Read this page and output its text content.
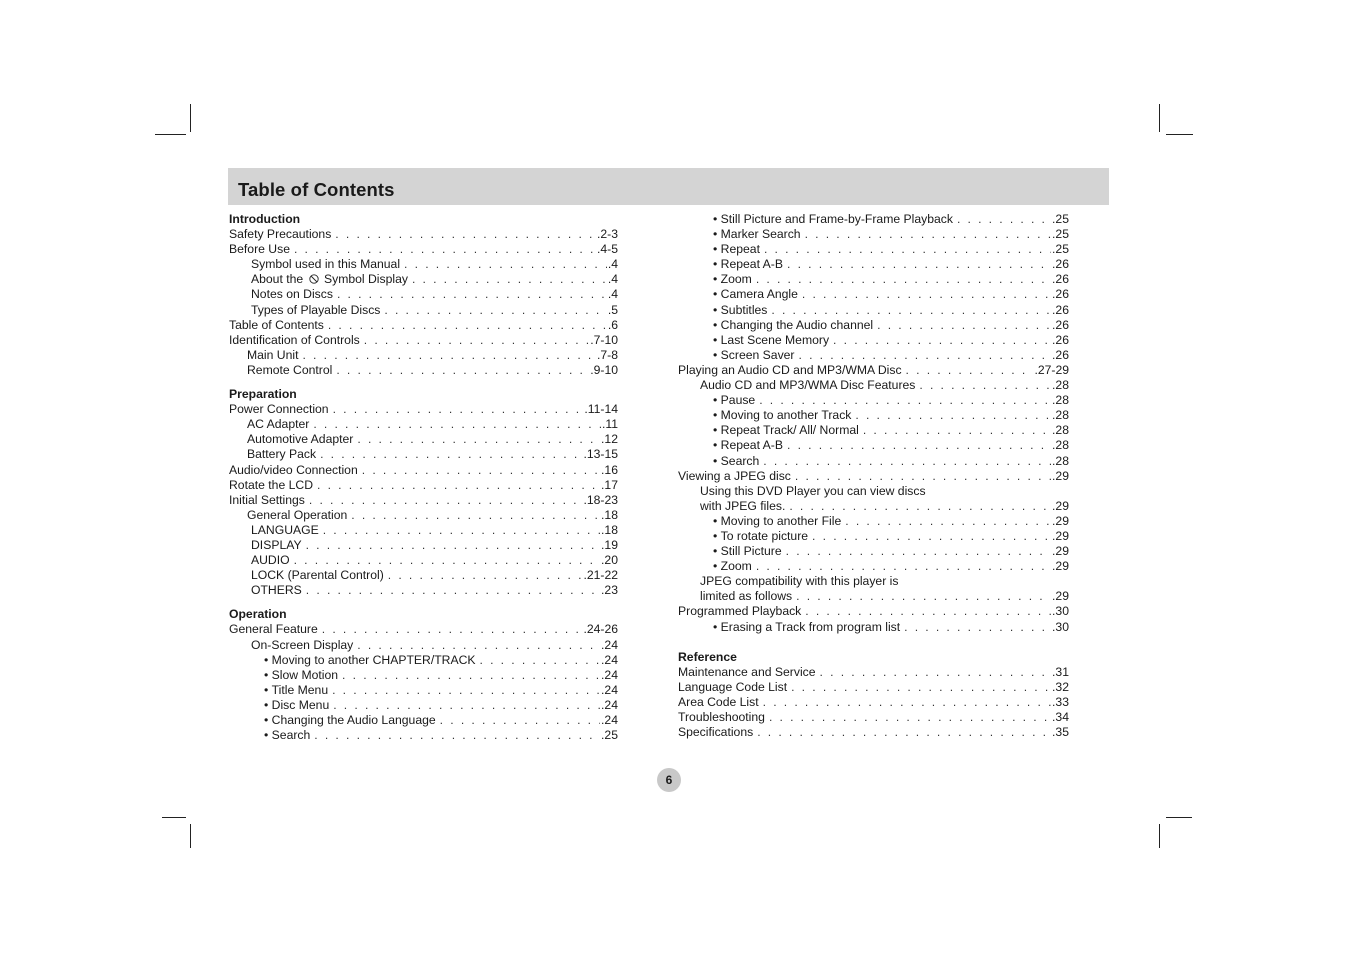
Table of Contents
Introduction
Safety Precautions . . .	.2-3
Before Use . . .	.4-5
Symbol used in this Manual . . .	.4
About the Symbol Display . . .	.4
Notes on Discs . . .	.4
Types of Playable Discs . . .	.5
Table of Contents . . .	.6
Identification of Controls . . .	.7-10
Main Unit . . .	.7-8
Remote Control . . .	.9-10
Preparation
Power Connection . . .	.11-14
AC Adapter . . .	.11
Automotive Adapter . . .	.12
Battery Pack . . .	.13-15
Audio/video Connection . . .	.16
Rotate the LCD . . .	.17
Initial Settings . . .	.18-23
General Operation . . .	.18
LANGUAGE . . .	.18
DISPLAY . . .	.19
AUDIO . . .	.20
LOCK (Parental Control) . . .	.21-22
OTHERS . . .	.23
Operation
General Feature . . .	.24-26
On-Screen Display . . .	.24
• Moving to another CHAPTER/TRACK . . .	.24
• Slow Motion . . .	.24
• Title Menu . . .	.24
• Disc Menu . . .	.24
• Changing the Audio Language . . .	.24
• Search . . .	.25
• Still Picture and Frame-by-Frame Playback . . .	.25
• Marker Search . . .	.25
• Repeat . . .	.25
• Repeat A-B . . .	.26
• Zoom . . .	.26
• Camera Angle . . .	.26
• Subtitles . . .	.26
• Changing the Audio channel . . .	.26
• Last Scene Memory . . .	.26
• Screen Saver . . .	.26
Playing an Audio CD and MP3/WMA Disc . . .	.27-29
Audio CD and MP3/WMA Disc Features . . .	.28
• Pause . . .	.28
• Moving to another Track . . .	.28
• Repeat Track/ All/ Normal . . .	.28
• Repeat A-B . . .	.28
• Search . . .	.28
Viewing a JPEG disc . . .	.29
Using this DVD Player you can view discs
with JPEG files. . . .	.29
• Moving to another File . . .	.29
• To rotate picture . . .	.29
• Still Picture . . .	.29
• Zoom . . .	.29
JPEG compatibility with this player is
limited as follows . . .	.29
Programmed Playback . . .	.30
• Erasing a Track from program list . . .	.30
Reference
Maintenance and Service . . .	.31
Language Code List . . .	.32
Area Code List . . .	.33
Troubleshooting . . .	.34
Specifications . . .	.35
6
